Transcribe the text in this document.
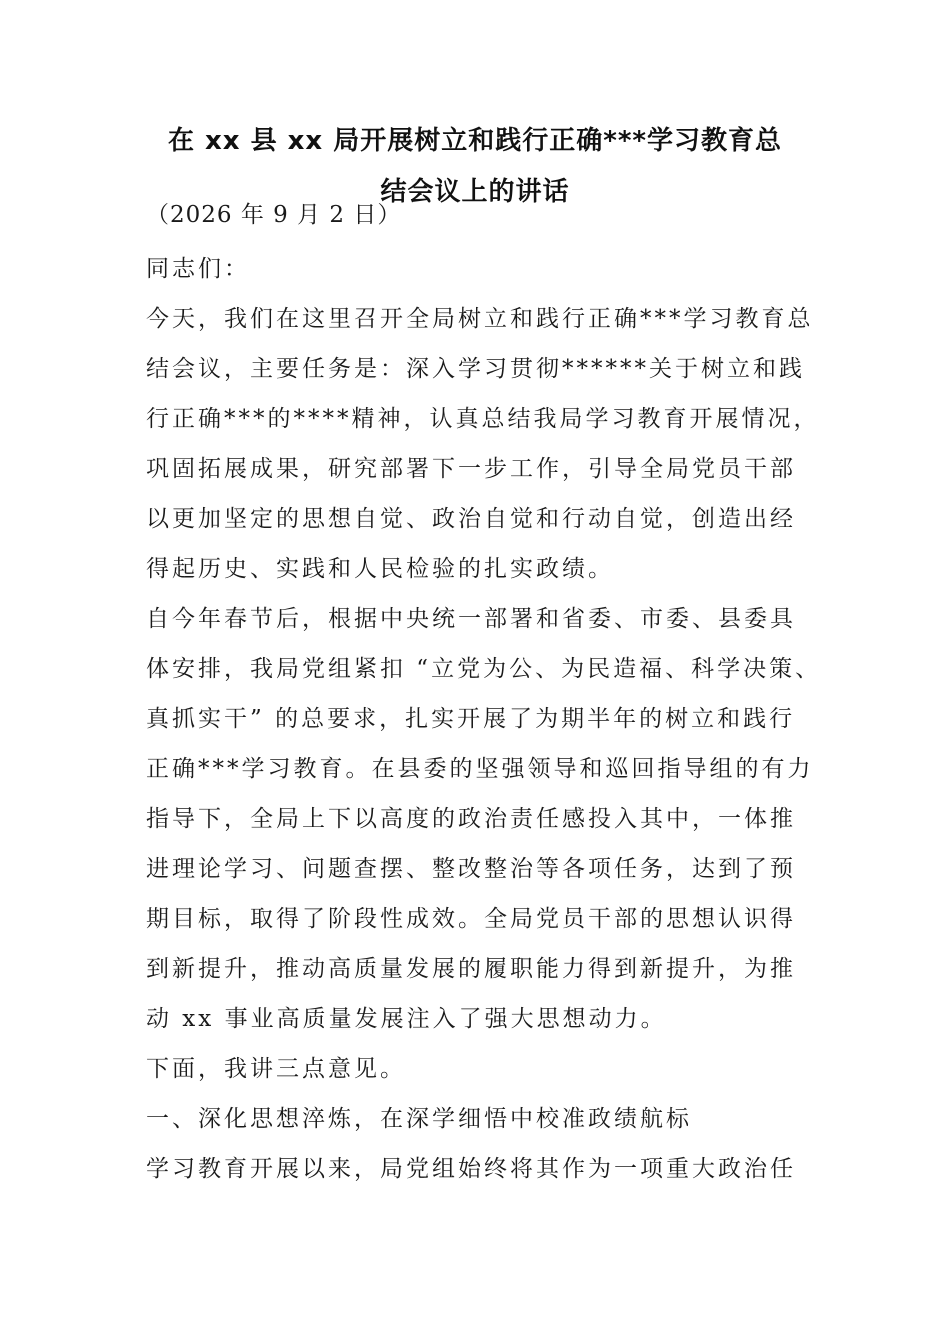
在 xx 县 xx 局开展树立和践行正确***学习教育总
结会议上的讲话
（2026 年 9 月 2 日）
同志们：
今天，我们在这里召开全局树立和践行正确***学习教育总
结会议，主要任务是：深入学习贯彻******关于树立和践
行正确***的****精神，认真总结我局学习教育开展情况，
巩固拓展成果，研究部署下一步工作，引导全局党员干部
以更加坚定的思想自觉、政治自觉和行动自觉，创造出经
得起历史、实践和人民检验的扎实政绩。
自今年春节后，根据中央统一部署和省委、市委、县委具
体安排，我局党组紧扣 “立党为公、为民造福、科学决策、
真抓实干” 的总要求，扎实开展了为期半年的树立和践行
正确***学习教育。在县委的坚强领导和巡回指导组的有力
指导下，全局上下以高度的政治责任感投入其中，一体推
进理论学习、问题查摆、整改整治等各项任务，达到了预
期目标，取得了阶段性成效。全局党员干部的思想认识得
到新提升，推动高质量发展的履职能力得到新提升，为推
动 xx 事业高质量发展注入了强大思想动力。
下面，我讲三点意见。
一、深化思想淬炼，在深学细悟中校准政绩航标
学习教育开展以来，局党组始终将其作为一项重大政治任
